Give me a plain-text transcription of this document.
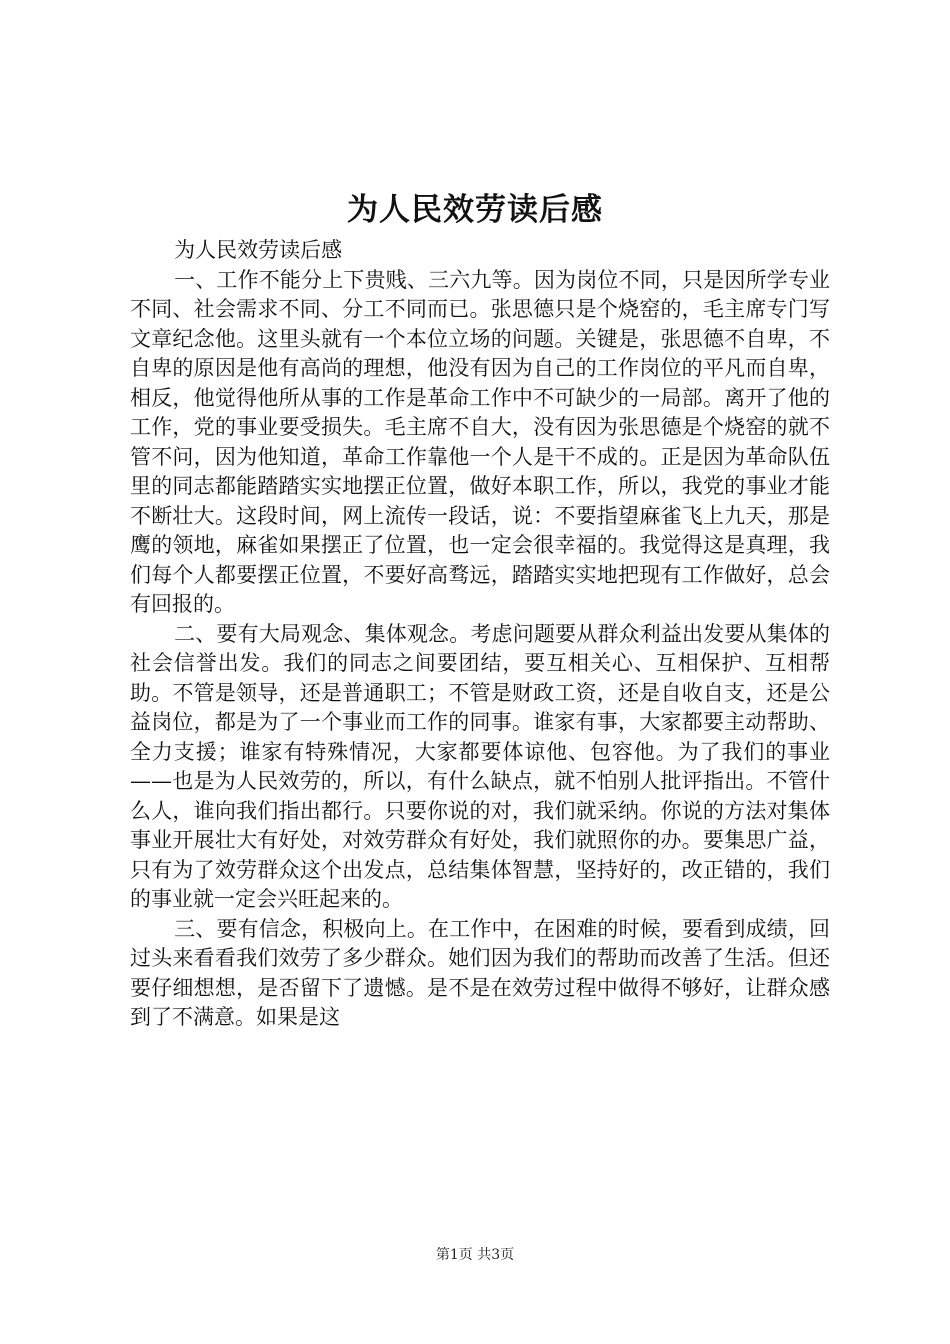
为人民效劳读后感

为人民效劳读后感

一、工作不能分上下贵贱、三六九等。因为岗位不同，只是因所学专业不同、社会需求不同、分工不同而已。张思德只是个烧窑的，毛主席专门写文章纪念他。这里头就有一个本位立场的问题。关键是，张思德不自卑，不自卑的原因是他有高尚的理想，他没有因为自己的工作岗位的平凡而自卑，相反，他觉得他所从事的工作是革命工作中不可缺少的一局部。离开了他的工作，党的事业要受损失。毛主席不自大，没有因为张思德是个烧窑的就不管不问，因为他知道，革命工作靠他一个人是干不成的。正是因为革命队伍里的同志都能踏踏实实地摆正位置，做好本职工作，所以，我党的事业才能不断壮大。这段时间，网上流传一段话，说：不要指望麻雀飞上九天，那是鹰的领地，麻雀如果摆正了位置，也一定会很幸福的。我觉得这是真理，我们每个人都要摆正位置，不要好高骛远，踏踏实实地把现有工作做好，总会有回报的。

二、要有大局观念、集体观念。考虑问题要从群众利益出发要从集体的社会信誉出发。我们的同志之间要团结，要互相关心、互相保护、互相帮助。不管是领导，还是普通职工；不管是财政工资，还是自收自支，还是公益岗位，都是为了一个事业而工作的同事。谁家有事，大家都要主动帮助、全力支援；谁家有特殊情况，大家都要体谅他、包容他。为了我们的事业——也是为人民效劳的，所以，有什么缺点，就不怕别人批评指出。不管什么人，谁向我们指出都行。只要你说的对，我们就采纳。你说的方法对集体事业开展壮大有好处，对效劳群众有好处，我们就照你的办。要集思广益，只有为了效劳群众这个出发点，总结集体智慧，坚持好的，改正错的，我们的事业就一定会兴旺起来的。

三、要有信念，积极向上。在工作中，在困难的时候，要看到成绩，回过头来看看我们效劳了多少群众。她们因为我们的帮助而改善了生活。但还要仔细想想，是否留下了遗憾。是不是在效劳过程中做得不够好，让群众感到了不满意。如果是这

第1页 共3页
